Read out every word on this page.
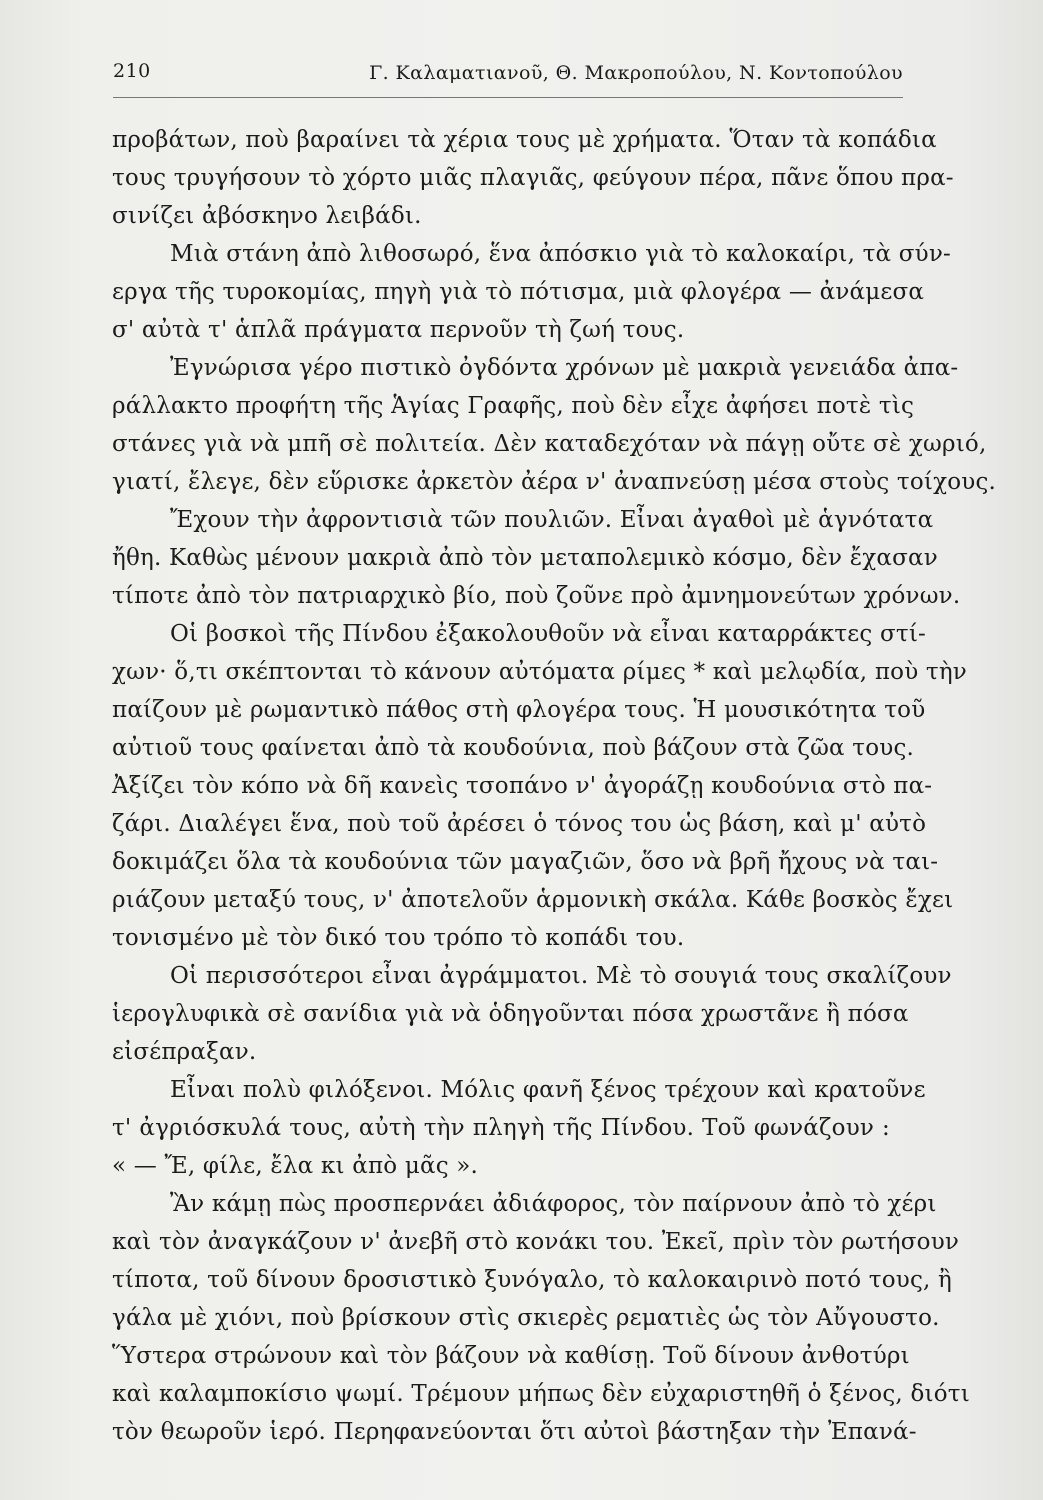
210	Γ. Καλαματιανοῦ, Θ. Μακροπούλου, Ν. Κοντοπούλου
προβάτων, ποὺ βαραίνει τὰ χέρια τους μὲ χρήματα. Ὅταν τὰ κοπάδια
τους τρυγήσουν τὸ χόρτο μιᾶς πλαγιᾶς, φεύγουν πέρα, πᾶνε ὅπου πρα-
σινίζει ἀβόσκηνο λειβάδι.
Μιὰ στάνη ἀπὸ λιθοσωρό, ἕνα ἀπόσκιο γιὰ τὸ καλοκαίρι, τὰ σύν-
εργα τῆς τυροκομίας, πηγὴ γιὰ τὸ πότισμα, μιὰ φλογέρα — ἀνάμεσα
σ' αὐτὰ τ' ἁπλᾶ πράγματα περνοῦν τὴ ζωή τους.
Ἐγνώρισα γέρο πιστικὸ ὀγδόντα χρόνων μὲ μακριὰ γενειάδα ἀπα-
ράλλακτο προφήτη τῆς Ἁγίας Γραφῆς, ποὺ δὲν εἶχε ἀφήσει ποτὲ τὶς
στάνες γιὰ νὰ μπῆ σὲ πολιτεία. Δὲν καταδεχόταν νὰ πάγῃ οὔτε σὲ χωριό,
γιατί, ἔλεγε, δὲν εὕρισκε ἀρκετὸν ἀέρα ν' ἀναπνεύσῃ μέσα στοὺς τοίχους.
Ἔχουν τὴν ἀφροντισιὰ τῶν πουλιῶν. Εἶναι ἀγαθοὶ μὲ ἁγνότατα
ἤθη. Καθὼς μένουν μακριὰ ἀπὸ τὸν μεταπολεμικὸ κόσμο, δὲν ἔχασαν
τίποτε ἀπὸ τὸν πατριαρχικὸ βίο, ποὺ ζοῦνε πρὸ ἀμνημονεύτων χρόνων.
Οἱ βοσκοὶ τῆς Πίνδου ἐξακολουθοῦν νὰ εἶναι καταρράκτες στί-
χων· ὅ,τι σκέπτονται τὸ κάνουν αὐτόματα ρίμες * καὶ μελῳδία, ποὺ τὴν
παίζουν μὲ ρωμαντικὸ πάθος στὴ φλογέρα τους. Ἡ μουσικότητα τοῦ
αὐτιοῦ τους φαίνεται ἀπὸ τὰ κουδούνια, ποὺ βάζουν στὰ ζῶα τους.
Ἀξίζει τὸν κόπο νὰ δῆ κανεὶς τσοπάνο ν' ἀγοράζῃ κουδούνια στὸ πα-
ζάρι. Διαλέγει ἕνα, ποὺ τοῦ ἀρέσει ὁ τόνος του ὡς βάση, καὶ μ' αὐτὸ
δοκιμάζει ὅλα τὰ κουδούνια τῶν μαγαζιῶν, ὅσο νὰ βρῆ ἤχους νὰ ται-
ριάζουν μεταξύ τους, ν' ἀποτελοῦν ἁρμονικὴ σκάλα. Κάθε βοσκὸς ἔχει
τονισμένο μὲ τὸν δικό του τρόπο τὸ κοπάδι του.
Οἱ περισσότεροι εἶναι ἀγράμματοι. Μὲ τὸ σουγιά τους σκαλίζουν
ἱερογλυφικὰ σὲ σανίδια γιὰ νὰ ὁδηγοῦνται πόσα χρωστᾶνε ἢ πόσα
εἰσέπραξαν.
Εἶναι πολὺ φιλόξενοι. Μόλις φανῆ ξένος τρέχουν καὶ κρατοῦνε
τ' ἀγριόσκυλά τους, αὐτὴ τὴν πληγὴ τῆς Πίνδου. Τοῦ φωνάζουν :
« — Ἔ, φίλε, ἔλα κι ἀπὸ μᾶς ».
Ἂν κάμῃ πὼς προσπερνάει ἀδιάφορος, τὸν παίρνουν ἀπὸ τὸ χέρι
καὶ τὸν ἀναγκάζουν ν' ἀνεβῆ στὸ κονάκι του. Ἐκεῖ, πρὶν τὸν ρωτήσουν
τίποτα, τοῦ δίνουν δροσιστικὸ ξυνόγαλο, τὸ καλοκαιρινὸ ποτό τους, ἢ
γάλα μὲ χιόνι, ποὺ βρίσκουν στὶς σκιερὲς ρεματιὲς ὡς τὸν Αὔγουστο.
Ὕστερα στρώνουν καὶ τὸν βάζουν νὰ καθίσῃ. Τοῦ δίνουν ἀνθοτύρι
καὶ καλαμποκίσιο ψωμί. Τρέμουν μήπως δὲν εὐχαριστηθῆ ὁ ξένος, διότι
τὸν θεωροῦν ἱερό. Περηφανεύονται ὅτι αὐτοὶ βάστηξαν τὴν Ἐπανά-
